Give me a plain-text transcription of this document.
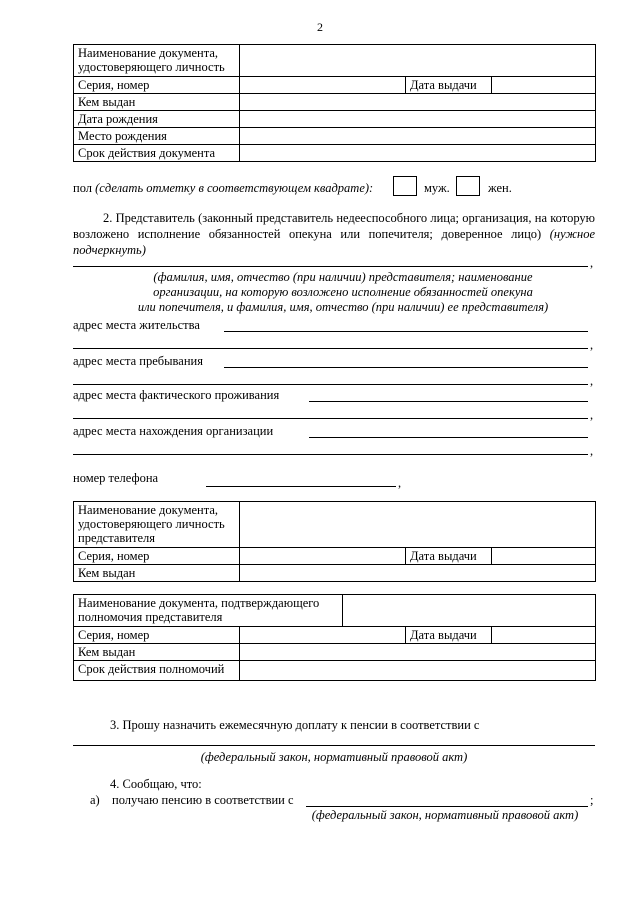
2
Наименование документа, удостоверяющего личность			
Серия, номер		Дата выдачи	
Кем выдан			
Дата рождения			
Место рождения			
Срок действия документа			
пол (сделать отметку в соответствующем квадрате):	муж.	жен.
2. Представитель (законный представитель недееспособного лица; организация, на которую возложено исполнение обязанностей опекуна или попечителя; доверенное лицо) (нужное подчеркнуть)
,
(фамилия, имя, отчество (при наличии) представителя; наименование
организации, на которую возложено исполнение обязанностей опекуна
или попечителя, и фамилия, имя, отчество (при наличии) ее представителя)
адрес места жительства
,
адрес места пребывания
,
адрес места фактического проживания
,
адрес места нахождения организации
,
номер телефона	,
Наименование документа, удостоверяющего личность представителя			
Серия, номер		Дата выдачи	
Кем выдан			
Наименование документа, подтверждающего полномочия представителя				
Серия, номер			Дата выдачи	
Кем выдан				
Срок действия полномочий				
3. Прошу назначить ежемесячную доплату к пенсии в соответствии с
(федеральный закон, нормативный правовой акт)
4. Сообщаю, что:
а) получаю пенсию в соответствии с	;
(федеральный закон, нормативный правовой акт)
